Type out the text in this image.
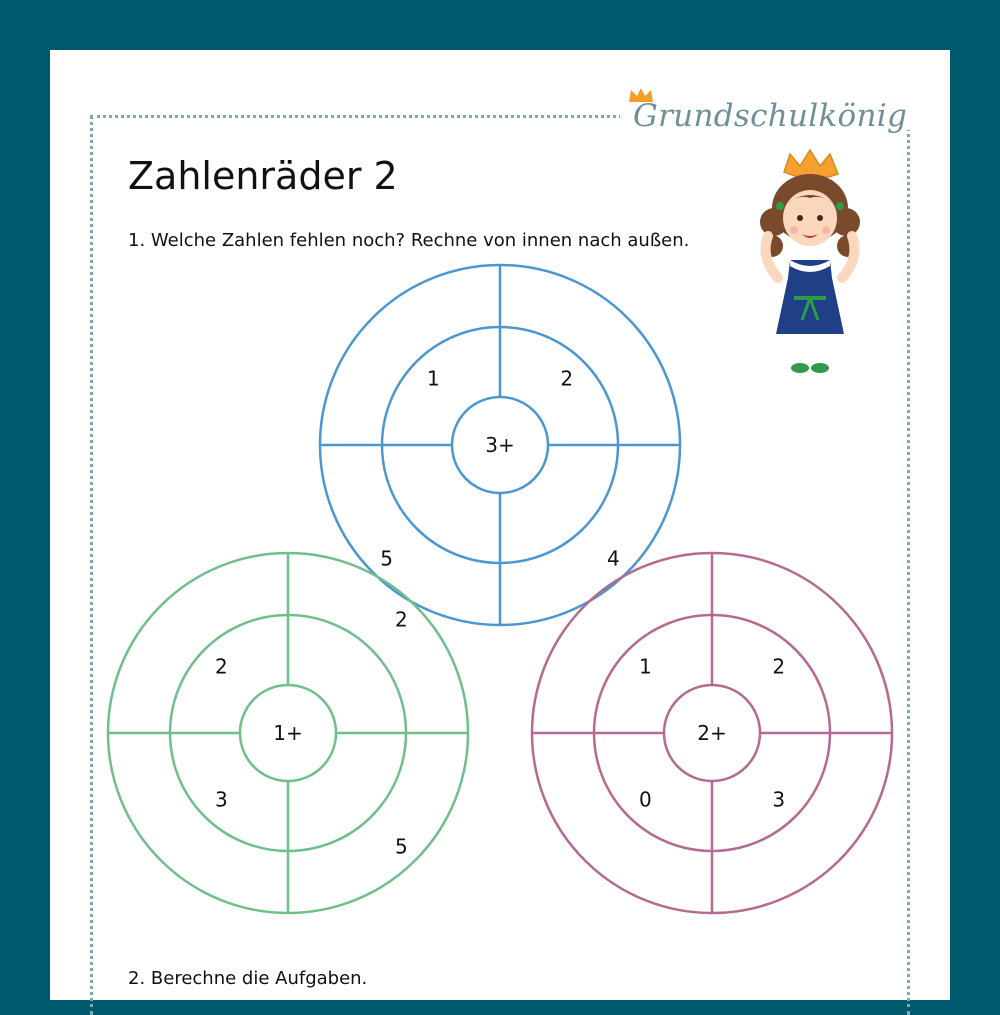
Grundschulkönig
Zahlenräder 2
1. Welche Zahlen fehlen noch? Rechne von innen nach außen.
2. Berechne die Aufgaben.
3+
1	2
5	4
1+
2
2
3
5
2+
1	2
0	3
